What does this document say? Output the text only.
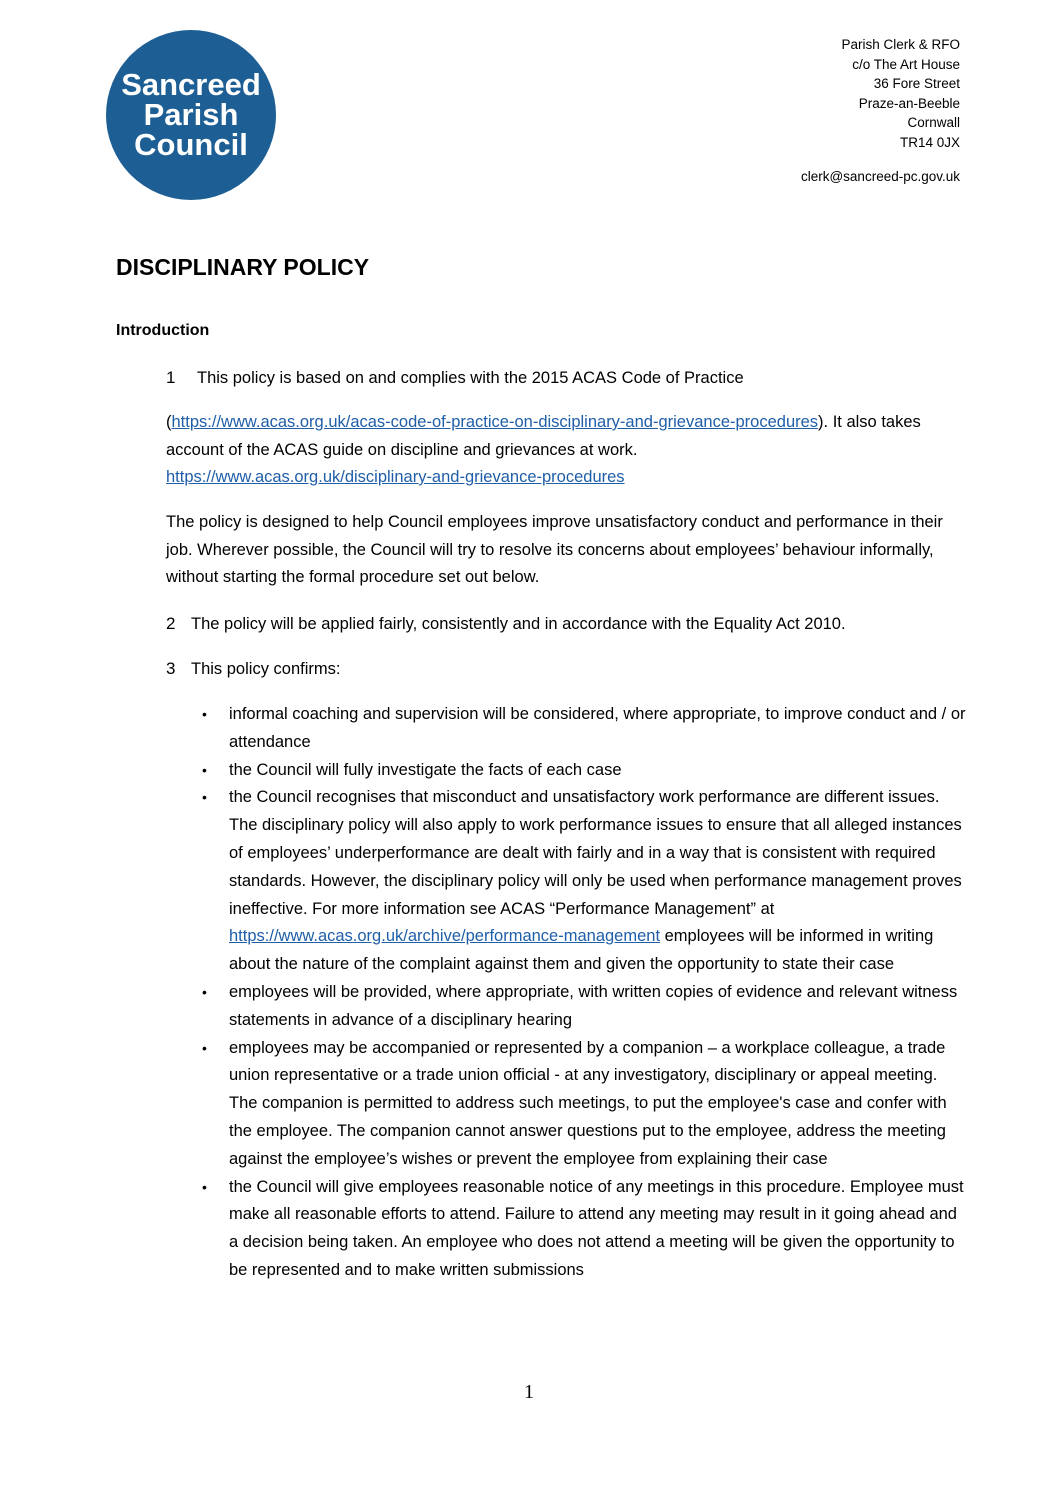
Sancreed
Parish
Council
Parish Clerk & RFO
c/o The Art House
36 Fore Street
Praze-an-Beeble
Cornwall
TR14 0JX
clerk@sancreed-pc.gov.uk
DISCIPLINARY POLICY
Introduction

1 This policy is based on and complies with the 2015 ACAS Code of Practice

(https://www.acas.org.uk/acas-code-of-practice-on-disciplinary-and-grievance-procedures). It also takes account of the ACAS guide on discipline and grievances at work.
https://www.acas.org.uk/disciplinary-and-grievance-procedures

The policy is designed to help Council employees improve unsatisfactory conduct and performance in their job. Wherever possible, the Council will try to resolve its concerns about employees’ behaviour informally, without starting the formal procedure set out below.

2 The policy will be applied fairly, consistently and in accordance with the Equality Act 2010.

3 This policy confirms:

• informal coaching and supervision will be considered, where appropriate, to improve conduct and / or attendance
• the Council will fully investigate the facts of each case
• the Council recognises that misconduct and unsatisfactory work performance are different issues. The disciplinary policy will also apply to work performance issues to ensure that all alleged instances of employees’ underperformance are dealt with fairly and in a way that is consistent with required standards. However, the disciplinary policy will only be used when performance management proves ineffective. For more information see ACAS “Performance Management” at https://www.acas.org.uk/archive/performance-management employees will be informed in writing about the nature of the complaint against them and given the opportunity to state their case
• employees will be provided, where appropriate, with written copies of evidence and relevant witness statements in advance of a disciplinary hearing
• employees may be accompanied or represented by a companion – a workplace colleague, a trade union representative or a trade union official - at any investigatory, disciplinary or appeal meeting. The companion is permitted to address such meetings, to put the employee's case and confer with the employee. The companion cannot answer questions put to the employee, address the meeting against the employee’s wishes or prevent the employee from explaining their case
• the Council will give employees reasonable notice of any meetings in this procedure. Employee must make all reasonable efforts to attend. Failure to attend any meeting may result in it going ahead and a decision being taken. An employee who does not attend a meeting will be given the opportunity to be represented and to make written submissions
1
